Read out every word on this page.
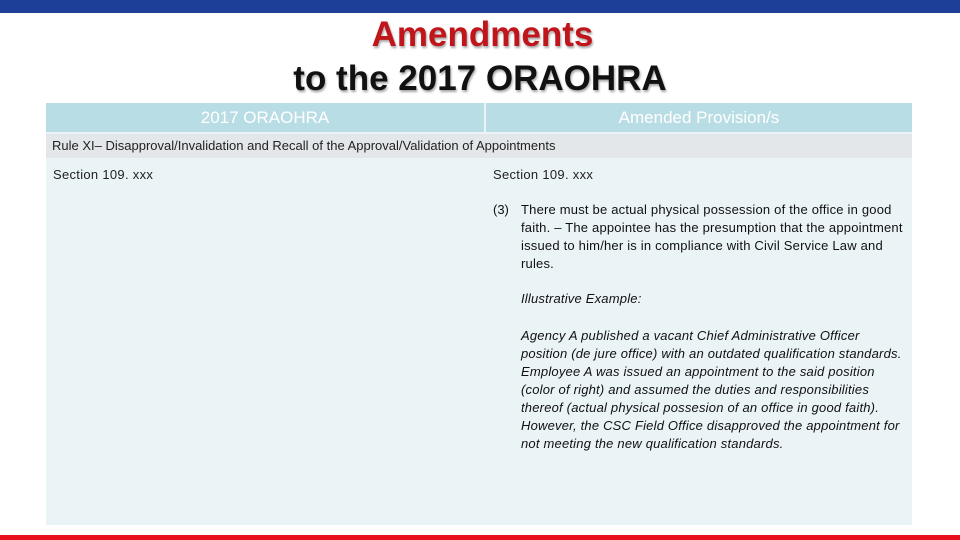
Amendments
to the 2017 ORAOHRA
2017 ORAOHRA	Amended Provision/s
Rule XI– Disapproval/Invalidation and Recall of the Approval/Validation of Appointments
Section 109. xxx	Section 109. xxx
(3) There must be actual physical possession of the office in good faith. – The appointee has the presumption that the appointment issued to him/her is in compliance with Civil Service Law and rules.
Illustrative Example:
Agency A published a vacant Chief Administrative Officer position (de jure office) with an outdated qualification standards. Employee A was issued an appointment to the said position (color of right) and assumed the duties and responsibilities thereof (actual physical possesion of an office in good faith). However, the CSC Field Office disapproved the appointment for not meeting the new qualification standards.
